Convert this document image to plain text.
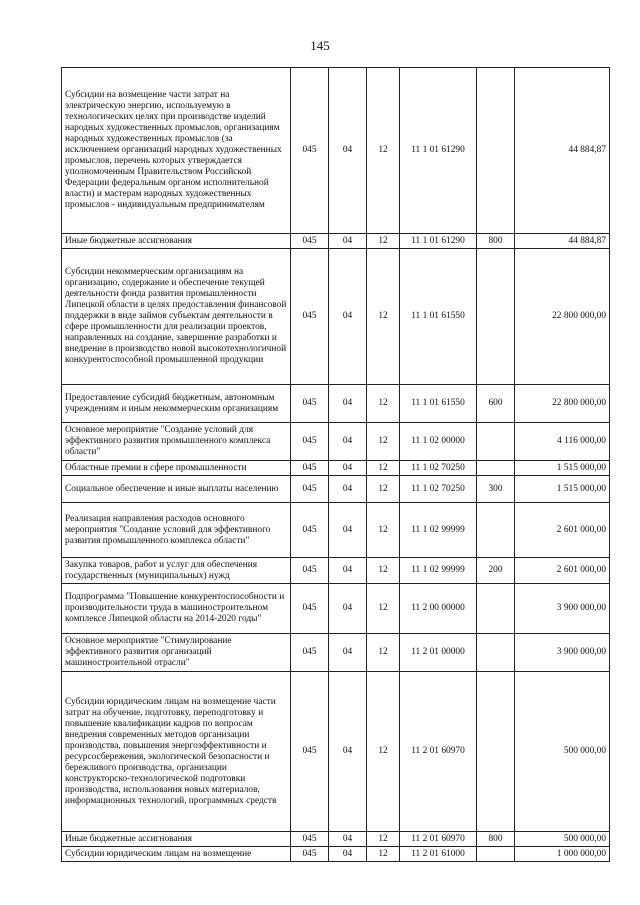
145
Субсидии на возмещение части затрат на электрическую энергию, используемую в технологических целях при производстве изделий народных художественных промыслов, организациям народных художественных промыслов (за исключением организаций народных художественных промыслов, перечень которых утверждается уполномоченным Правительством Российской Федерации федеральным органом исполнительной власти) и мастерам народных художественных промыслов - индивидуальным предпринимателям	045	04	12	11 1 01 61290		44 884,87
Иные бюджетные ассигнования	045	04	12	11 1 01 61290	800	44 884,87
Субсидии некоммерческим организациям на организацию, содержание и обеспечение текущей деятельности фонда развития промышленности Липецкой области в целях предоставления финансовой поддержки в виде займов субъектам деятельности в сфере промышленности для реализации проектов, направленных на создание, завершение разработки и внедрение в производство новой высокотехнологичной конкурентоспособной промышленной продукции	045	04	12	11 1 01 61550		22 800 000,00
Предоставление субсидий бюджетным, автономным учреждениям и иным некоммерческим организациям	045	04	12	11 1 01 61550	600	22 800 000,00
Основное мероприятие "Создание условий для эффективного развития промышленного комплекса области"	045	04	12	11 1 02 00000		4 116 000,00
Областные премии в сфере промышленности	045	04	12	11 1 02 70250		1 515 000,00
Социальное обеспечение и иные выплаты населению	045	04	12	11 1 02 70250	300	1 515 000,00
Реализация направления расходов основного мероприятия "Создание условий для эффективного развития промышленного комплекса области"	045	04	12	11 1 02 99999		2 601 000,00
Закупка товаров, работ и услуг для обеспечения государственных (муниципальных) нужд	045	04	12	11 1 02 99999	200	2 601 000,00
Подпрограмма "Повышение конкурентоспособности и производительности труда в машиностроительном комплексе Липецкой области на 2014-2020 годы"	045	04	12	11 2 00 00000		3 900 000,00
Основное мероприятие "Стимулирование эффективного развития организаций машиностроительной отрасли"	045	04	12	11 2 01 00000		3 900 000,00
Субсидии юридическим лицам на возмещение части затрат на обучение, подготовку, переподготовку и повышение квалификации кадров по вопросам внедрения современных методов организации производства, повышения энергоэффективности и ресурсосбережения, экологической безопасности и бережливого производства, организации конструкторско-технологической подготовки производства, использования новых материалов, информационных технологий, программных средств	045	04	12	11 2 01 60970		500 000,00
Иные бюджетные ассигнования	045	04	12	11 2 01 60970	800	500 000,00
Субсидии юридическим лицам на возмещение	045	04	12	11 2 01 61000		1 000 000,00
